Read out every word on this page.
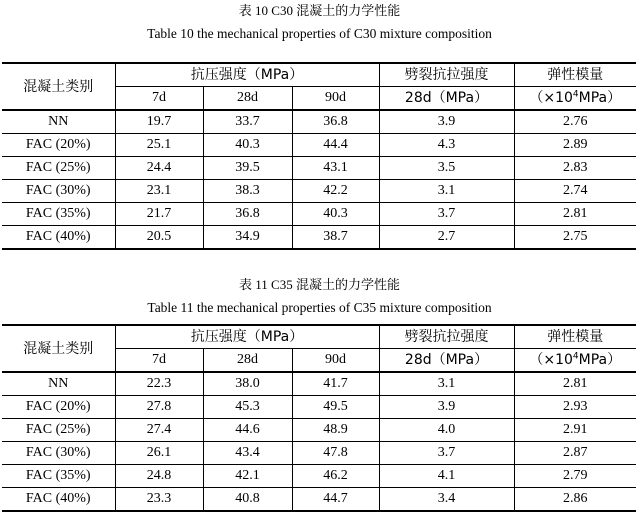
表 10 C30 混凝土的力学性能
Table 10 the mechanical properties of C30 mixture composition
混凝土类别	抗压强度（MPa）			劈裂抗拉强度	弹性模量
	7d	28d	90d	28d（MPa）	$(\times 10^4MPa)$
NN	19.7	33.7	36.8	3.9	2.76
FAC (20%)	25.1	40.3	44.4	4.3	2.89
FAC (25%)	24.4	39.5	43.1	3.5	2.83
FAC (30%)	23.1	38.3	42.2	3.1	2.74
FAC (35%)	21.7	36.8	40.3	3.7	2.81
FAC (40%)	20.5	34.9	38.7	2.7	2.75
表 11 C35 混凝土的力学性能
Table 11 the mechanical properties of C35 mixture composition
混凝土类别	抗压强度（MPa）			劈裂抗拉强度	弹性模量
	7d	28d	90d	28d（MPa）	$(\times 10^4MPa)$
NN	22.3	38.0	41.7	3.1	2.81
FAC (20%)	27.8	45.3	49.5	3.9	2.93
FAC (25%)	27.4	44.6	48.9	4.0	2.91
FAC (30%)	26.1	43.4	47.8	3.7	2.87
FAC (35%)	24.8	42.1	46.2	4.1	2.79
FAC (40%)	23.3	40.8	44.7	3.4	2.86
